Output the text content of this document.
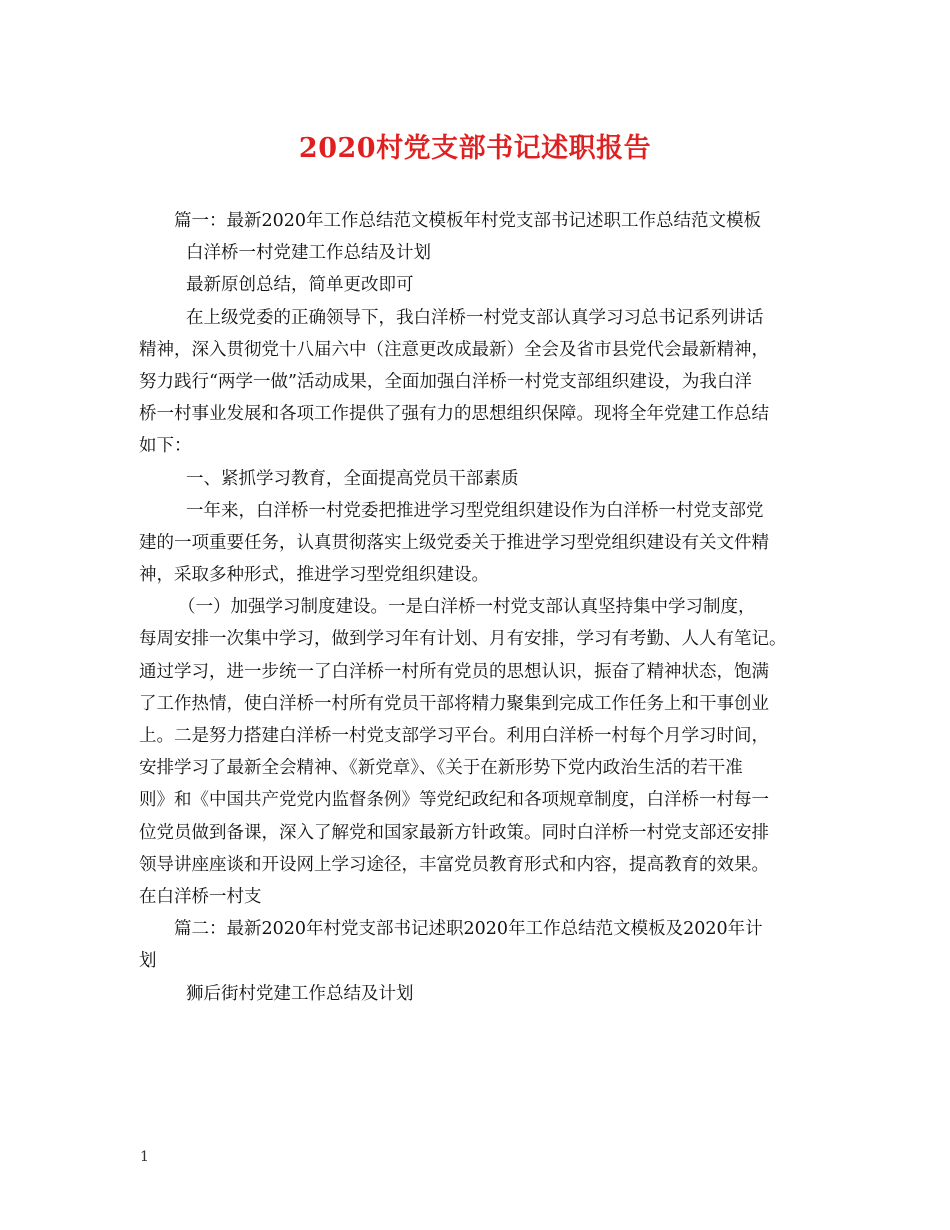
2020村党支部书记述职报告
篇一：最新2020年工作总结范文模板年村党支部书记述职工作总结范文模板
白洋桥一村党建工作总结及计划
最新原创总结，简单更改即可
在上级党委的正确领导下，我白洋桥一村党支部认真学习习总书记系列讲话
精神，深入贯彻党十八届六中（注意更改成最新）全会及省市县党代会最新精神，
努力践行“两学一做”活动成果，全面加强白洋桥一村党支部组织建设，为我白洋
桥一村事业发展和各项工作提供了强有力的思想组织保障。现将全年党建工作总结
如下：
一、紧抓学习教育，全面提高党员干部素质
一年来，白洋桥一村党委把推进学习型党组织建设作为白洋桥一村党支部党
建的一项重要任务，认真贯彻落实上级党委关于推进学习型党组织建设有关文件精
神，采取多种形式，推进学习型党组织建设。
（一）加强学习制度建设。一是白洋桥一村党支部认真坚持集中学习制度，
每周安排一次集中学习，做到学习年有计划、月有安排，学习有考勤、人人有笔记。
通过学习，进一步统一了白洋桥一村所有党员的思想认识，振奋了精神状态，饱满
了工作热情，使白洋桥一村所有党员干部将精力聚集到完成工作任务上和干事创业
上。二是努力搭建白洋桥一村党支部学习平台。利用白洋桥一村每个月学习时间，
安排学习了最新全会精神、《新党章》、《关于在新形势下党内政治生活的若干准
则》和《中国共产党党内监督条例》等党纪政纪和各项规章制度，白洋桥一村每一
位党员做到备课，深入了解党和国家最新方针政策。同时白洋桥一村党支部还安排
领导讲座座谈和开设网上学习途径，丰富党员教育形式和内容，提高教育的效果。
在白洋桥一村支
篇二：最新2020年村党支部书记述职2020年工作总结范文模板及2020年计
划
狮后街村党建工作总结及计划
1
